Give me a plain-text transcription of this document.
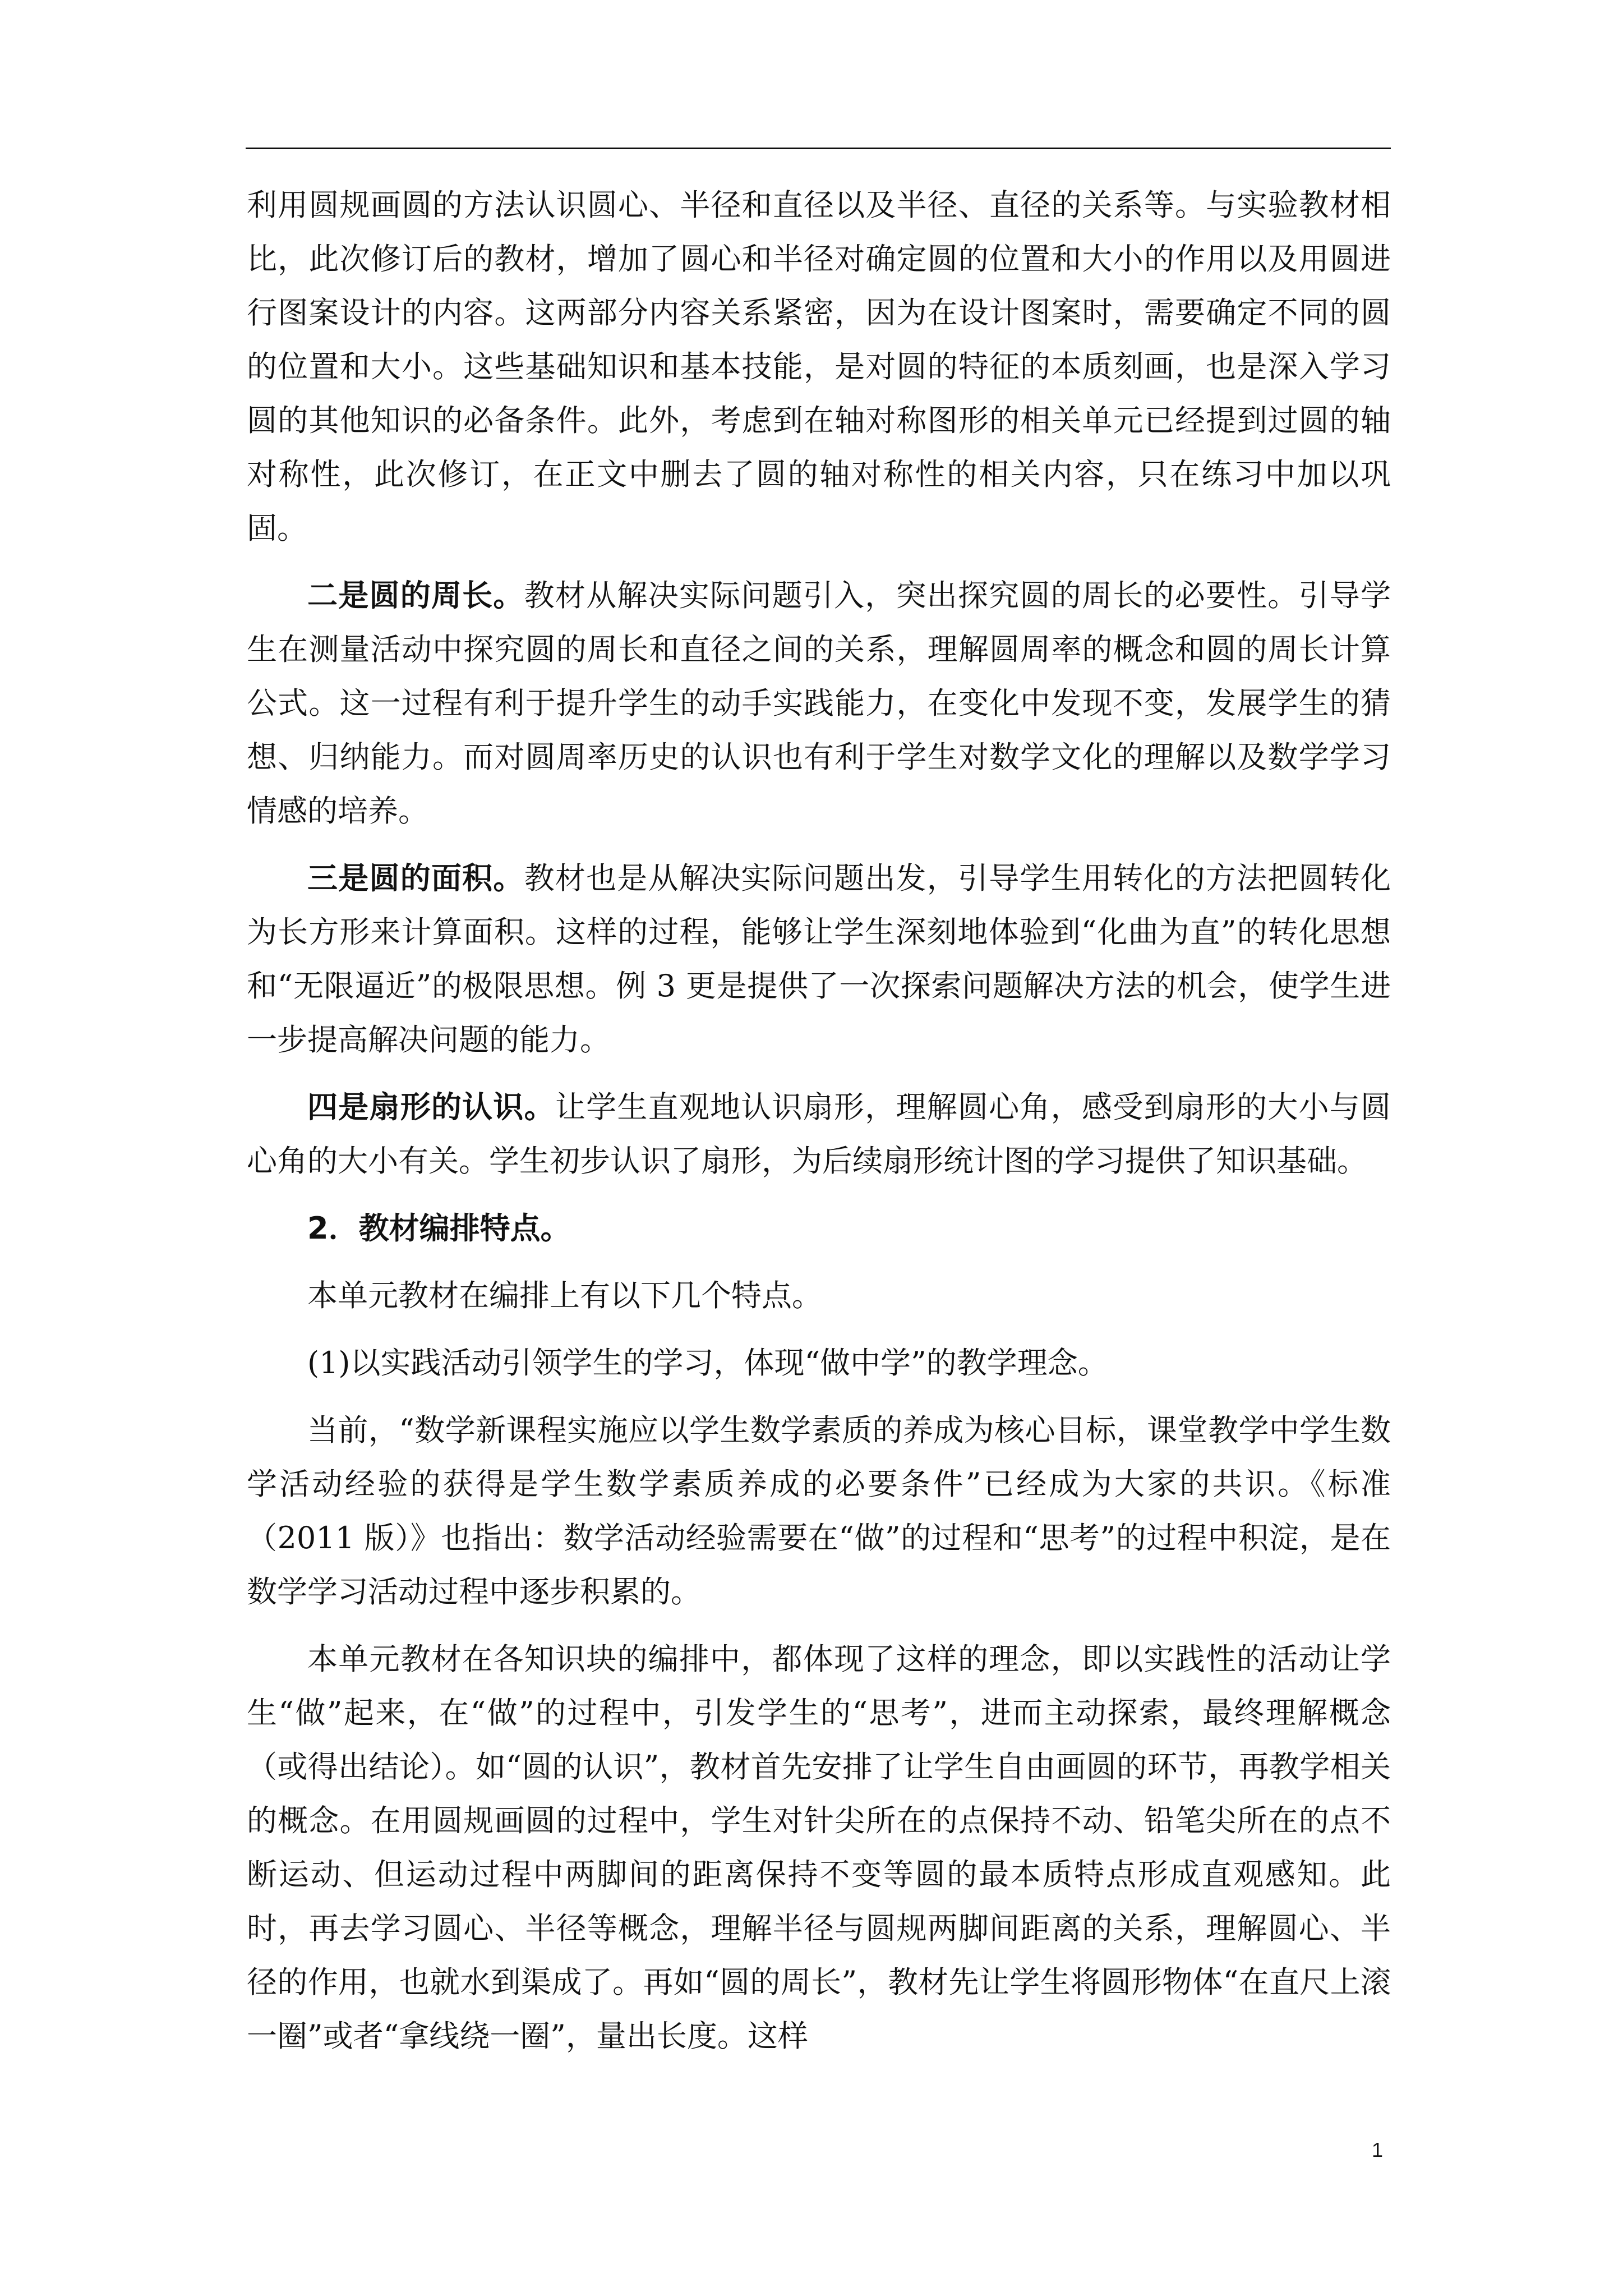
利用圆规画圆的方法认识圆心、半径和直径以及半径、直径的关系等。与实验教材相比，此次修订后的教材，增加了圆心和半径对确定圆的位置和大小的作用以及用圆进行图案设计的内容。这两部分内容关系紧密，因为在设计图案时，需要确定不同的圆的位置和大小。这些基础知识和基本技能，是对圆的特征的本质刻画，也是深入学习圆的其他知识的必备条件。此外，考虑到在轴对称图形的相关单元已经提到过圆的轴对称性，此次修订，在正文中删去了圆的轴对称性的相关内容，只在练习中加以巩固。

二是圆的周长。教材从解决实际问题引入，突出探究圆的周长的必要性。引导学生在测量活动中探究圆的周长和直径之间的关系，理解圆周率的概念和圆的周长计算公式。这一过程有利于提升学生的动手实践能力，在变化中发现不变，发展学生的猜想、归纳能力。而对圆周率历史的认识也有利于学生对数学文化的理解以及数学学习情感的培养。

三是圆的面积。教材也是从解决实际问题出发，引导学生用转化的方法把圆转化为长方形来计算面积。这样的过程，能够让学生深刻地体验到“化曲为直”的转化思想和“无限逼近”的极限思想。例 3 更是提供了一次探索问题解决方法的机会，使学生进一步提高解决问题的能力。

四是扇形的认识。让学生直观地认识扇形，理解圆心角，感受到扇形的大小与圆心角的大小有关。学生初步认识了扇形，为后续扇形统计图的学习提供了知识基础。

2．教材编排特点。

本单元教材在编排上有以下几个特点。

(1)以实践活动引领学生的学习，体现“做中学”的教学理念。

当前，“数学新课程实施应以学生数学素质的养成为核心目标，课堂教学中学生数学活动经验的获得是学生数学素质养成的必要条件”已经成为大家的共识。《标准（2011 版）》也指出：数学活动经验需要在“做”的过程和“思考”的过程中积淀，是在数学学习活动过程中逐步积累的。

本单元教材在各知识块的编排中，都体现了这样的理念，即以实践性的活动让学生“做”起来，在“做”的过程中，引发学生的“思考”，进而主动探索，最终理解概念（或得出结论）。如“圆的认识”，教材首先安排了让学生自由画圆的环节，再教学相关的概念。在用圆规画圆的过程中，学生对针尖所在的点保持不动、铅笔尖所在的点不断运动、但运动过程中两脚间的距离保持不变等圆的最本质特点形成直观感知。此时，再去学习圆心、半径等概念，理解半径与圆规两脚间距离的关系，理解圆心、半径的作用，也就水到渠成了。再如“圆的周长”，教材先让学生将圆形物体“在直尺上滚一圈”或者“拿线绕一圈”，量出长度。这样

1
